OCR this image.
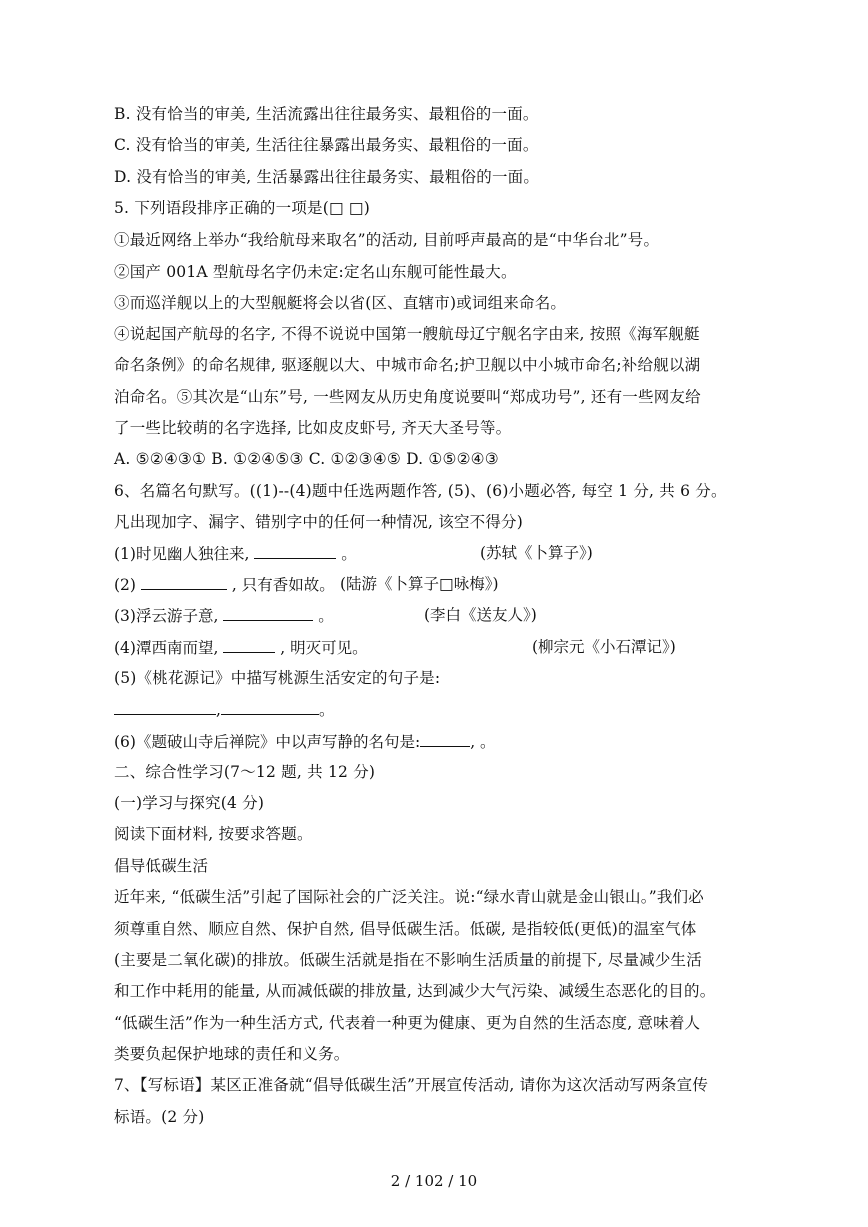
B. 没有恰当的审美, 生活流露出往往最务实、最粗俗的一面。
C. 没有恰当的审美, 生活往往暴露出最务实、最粗俗的一面。
D. 没有恰当的审美, 生活暴露出往往最务实、最粗俗的一面。
5. 下列语段排序正确的一项是(□ □)
①最近网络上举办“我给航母来取名”的活动, 目前呼声最高的是“中华台北”号。
②国产 001A 型航母名字仍未定:定名山东舰可能性最大。
③而巡洋舰以上的大型舰艇将会以省(区、直辖市)或词组来命名。
④说起国产航母的名字, 不得不说说中国第一艘航母辽宁舰名字由来, 按照《海军舰艇
命名条例》的命名规律, 驱逐舰以大、中城市命名;护卫舰以中小城市命名;补给舰以湖
泊命名。⑤其次是“山东”号, 一些网友从历史角度说要叫“郑成功号”, 还有一些网友给
了一些比较萌的名字选择, 比如皮皮虾号, 齐天大圣号等。
A. ⑤②④③① B. ①②④⑤③ C. ①②③④⑤ D. ①⑤②④③
6、名篇名句默写。((1)--(4)题中任选两题作答, (5)、(6)小题必答, 每空 1 分, 共 6 分。
凡出现加字、漏字、错别字中的任何一种情况, 该空不得分)
(1)时见幽人独往来,	。	(苏轼《卜算子》)
(2)	, 只有香如故。 (陆游《卜算子□咏梅》)
(3)浮云游子意,	。	(李白《送友人》)
(4)潭西南而望,	, 明灭可见。	(柳宗元《小石潭记》)
(5)《桃花源记》中描写桃源生活安定的句子是:
,	。
(6)《题破山寺后禅院》中以声写静的名句是:	, 。
二、综合性学习(7～12 题, 共 12 分)
(一)学习与探究(4 分)
阅读下面材料, 按要求答题。
倡导低碳生活
近年来, “低碳生活”引起了国际社会的广泛关注。说:“绿水青山就是金山银山。”我们必
须尊重自然、顺应自然、保护自然, 倡导低碳生活。低碳, 是指较低(更低)的温室气体
(主要是二氧化碳)的排放。低碳生活就是指在不影响生活质量的前提下, 尽量减少生活
和工作中耗用的能量, 从而减低碳的排放量, 达到减少大气污染、减缓生态恶化的目的。
“低碳生活”作为一种生活方式, 代表着一种更为健康、更为自然的生活态度, 意味着人
类要负起保护地球的责任和义务。
7、【写标语】某区正准备就“倡导低碳生活”开展宣传活动, 请你为这次活动写两条宣传
标语。(2 分)
2 / 102 / 10
